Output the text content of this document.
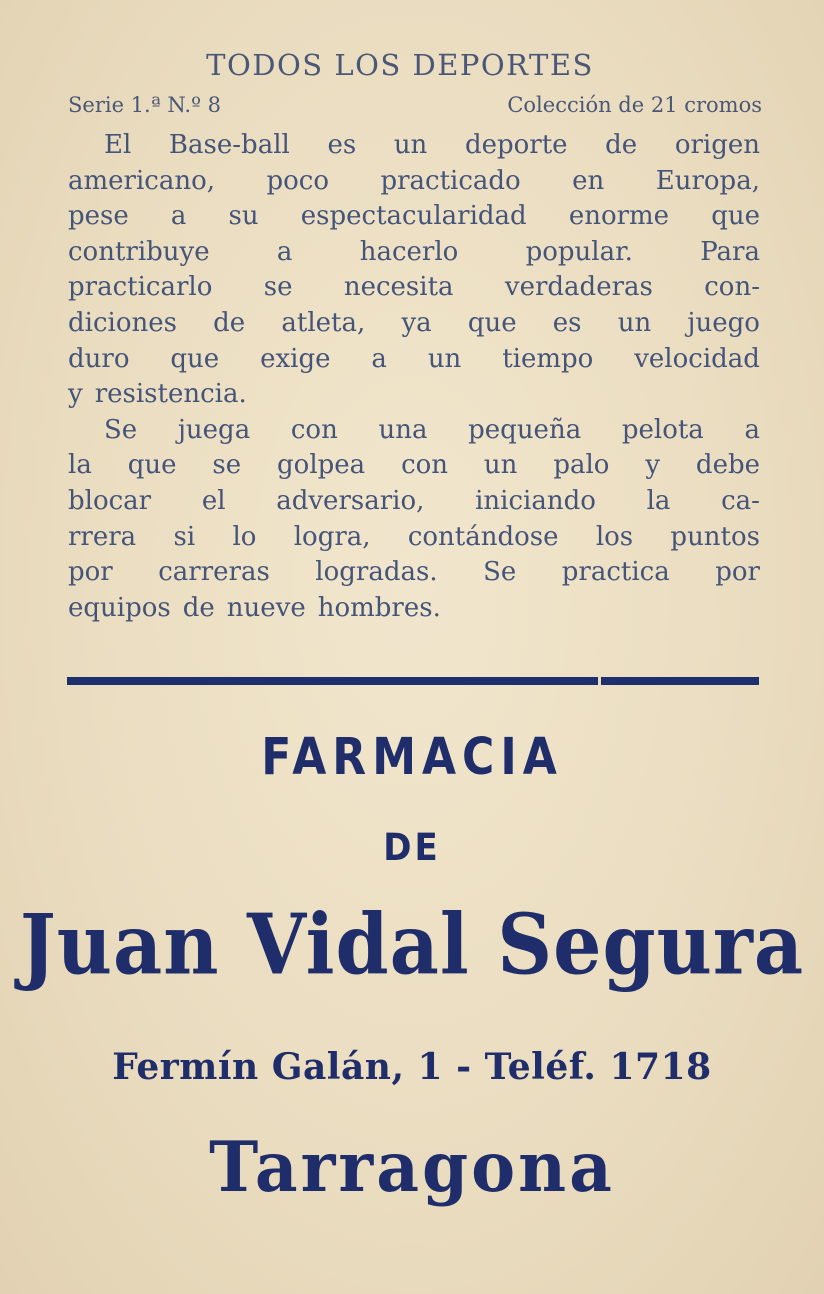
TODOS LOS DEPORTES
Serie 1.ª N.º 8	Colección de 21 cromos
El Base-ball es un deporte de origen
americano, poco practicado en Europa,
pese a su espectacularidad enorme que
contribuye	a	hacerlo	popular.	Para
practicarlo se necesita verdaderas con-
diciones de atleta, ya que es un juego
duro que exige a un tiempo velocidad
y resistencia.
Se juega con una pequeña pelota a
la que se golpea con un palo y debe
blocar el adversario, iniciando la ca-
rrera si lo logra, contándose los puntos
por carreras logradas. Se practica por
equipos de nueve hombres.
FARMACIA
DE
Juan Vidal Segura
Fermín Galán, 1 - Teléf. 1718
Tarragona
